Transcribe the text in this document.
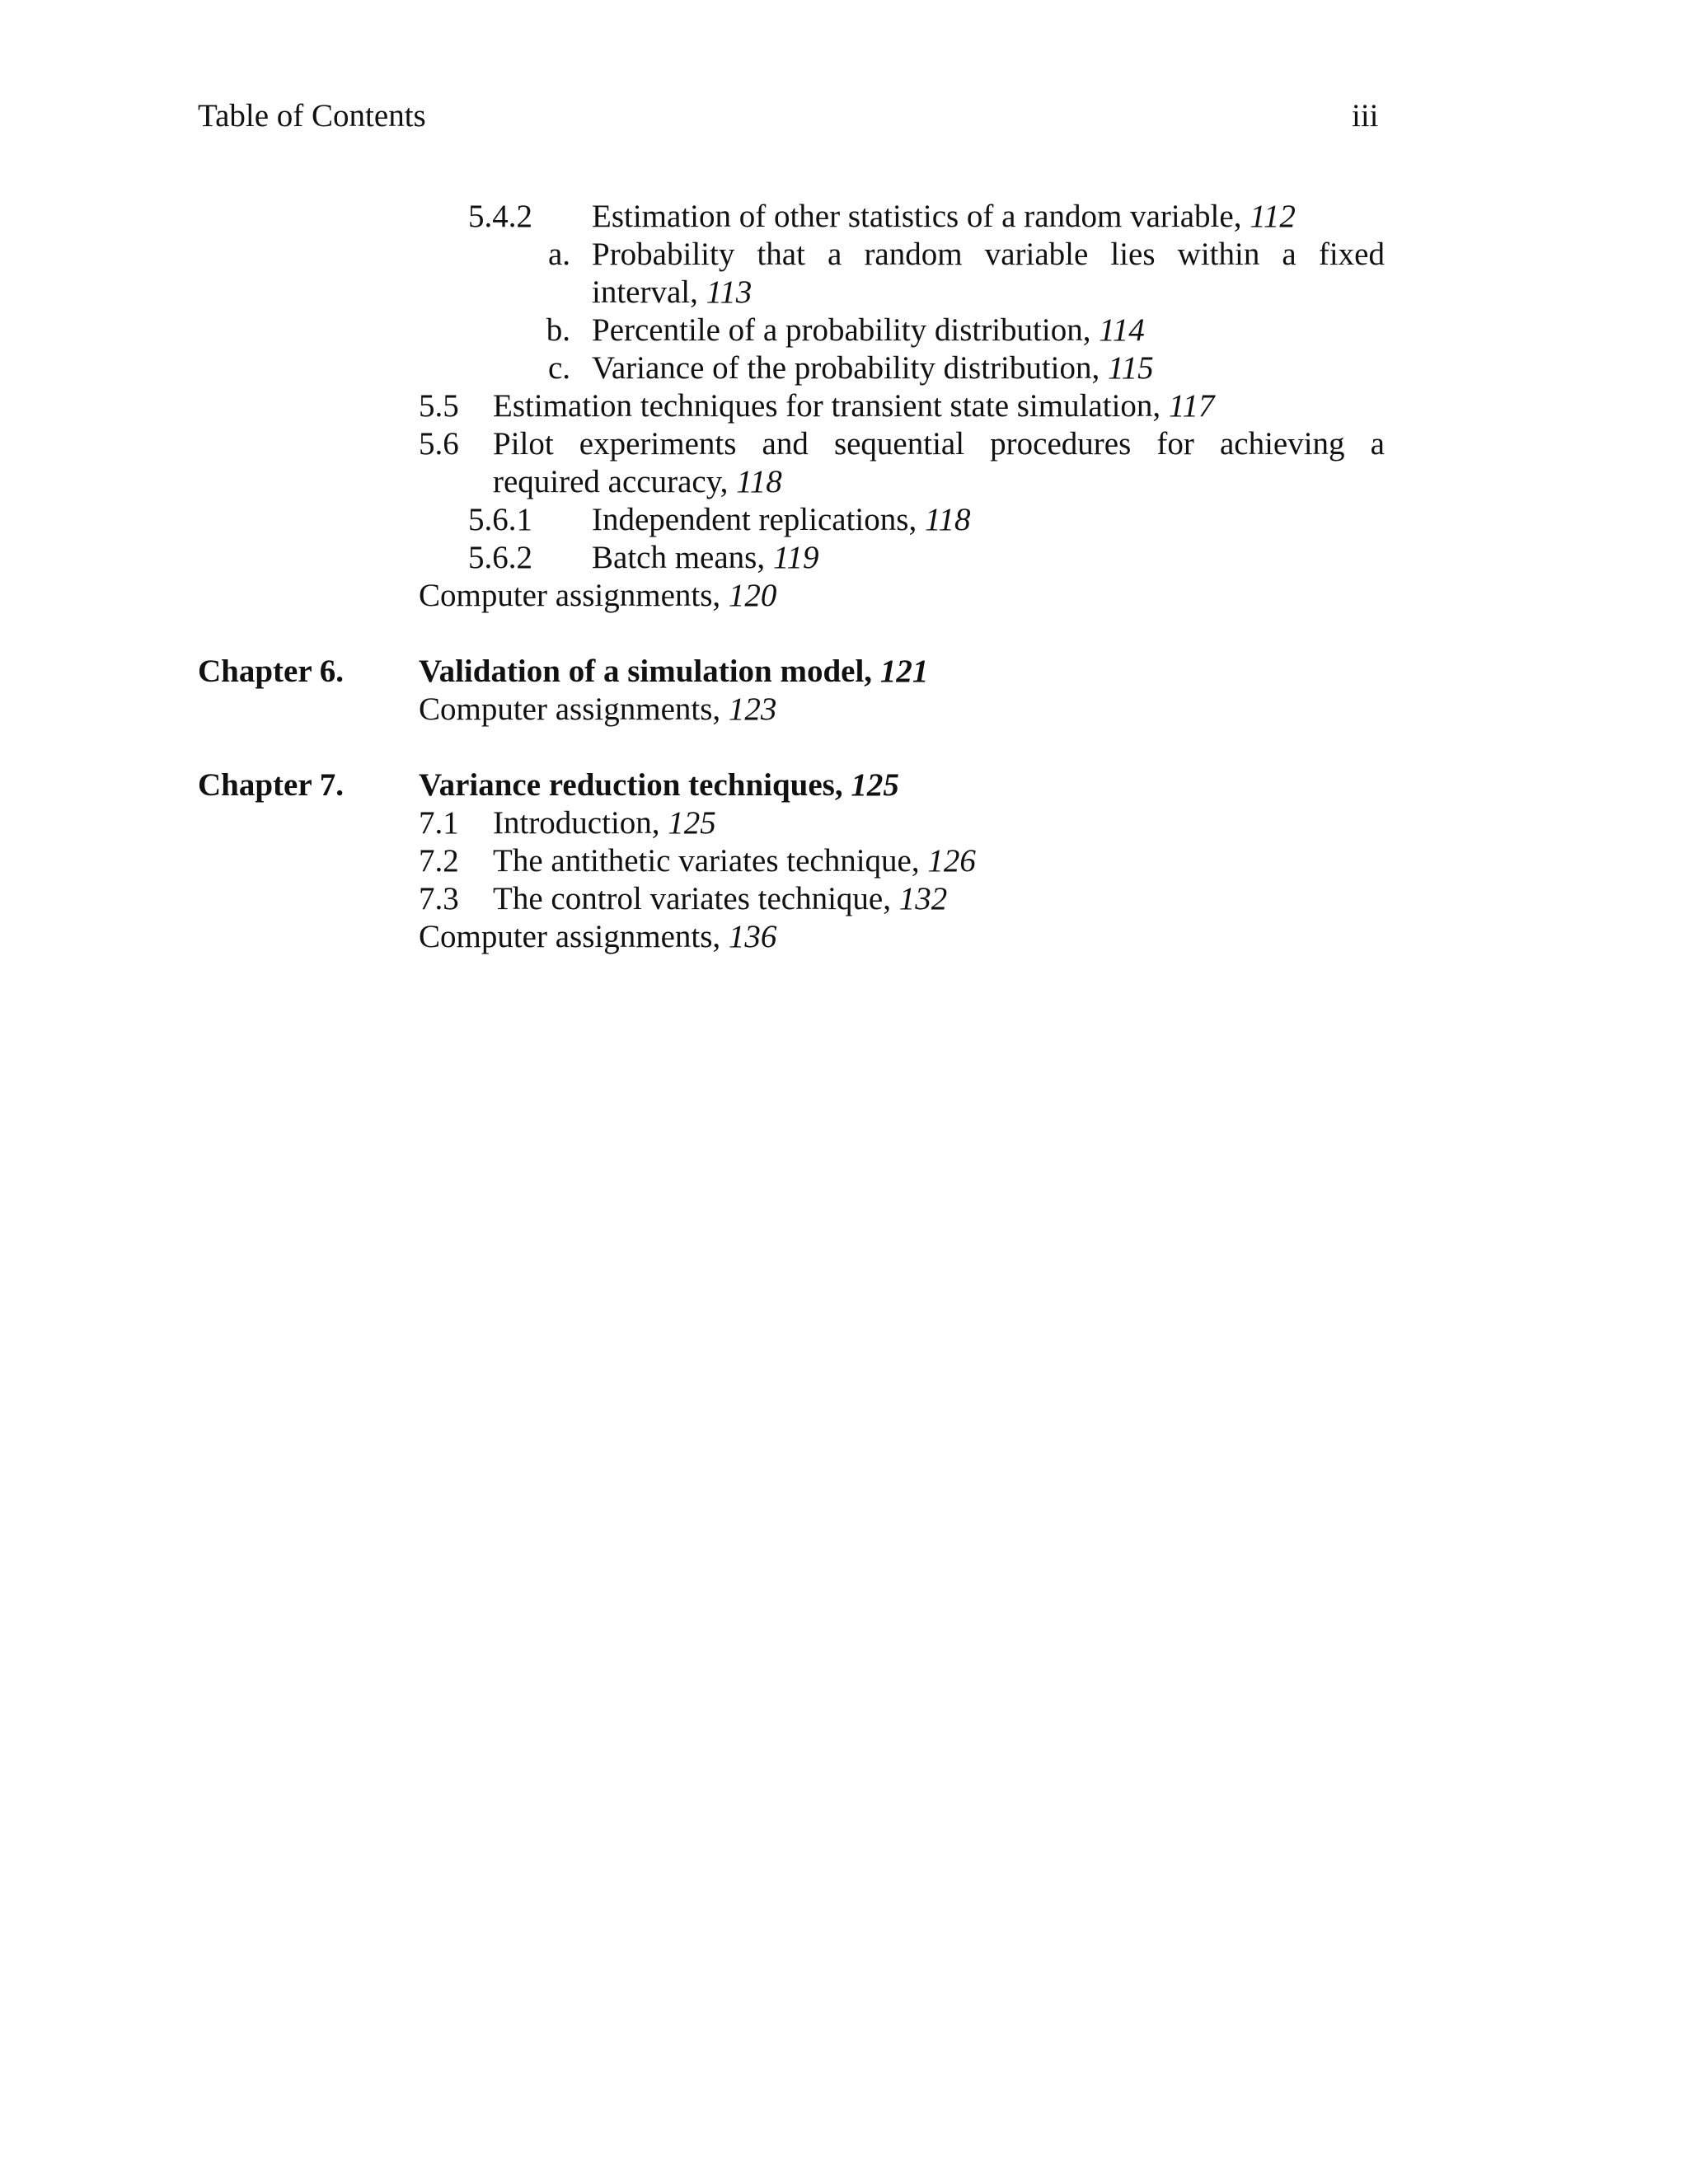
Table of Contents	iii
5.4.2 Estimation of other statistics of a random variable, 112
a. Probability that a random variable lies within a fixed
interval, 113
b. Percentile of a probability distribution, 114
c. Variance of the probability distribution, 115
5.5 Estimation techniques for transient state simulation, 117
5.6 Pilot experiments and sequential procedures for achieving a
required accuracy, 118
5.6.1 Independent replications, 118
5.6.2 Batch means, 119
Computer assignments, 120
Chapter 6. Validation of a simulation model, 121
Computer assignments, 123
Chapter 7. Variance reduction techniques, 125
7.1 Introduction, 125
7.2 The antithetic variates technique, 126
7.3 The control variates technique, 132
Computer assignments, 136
